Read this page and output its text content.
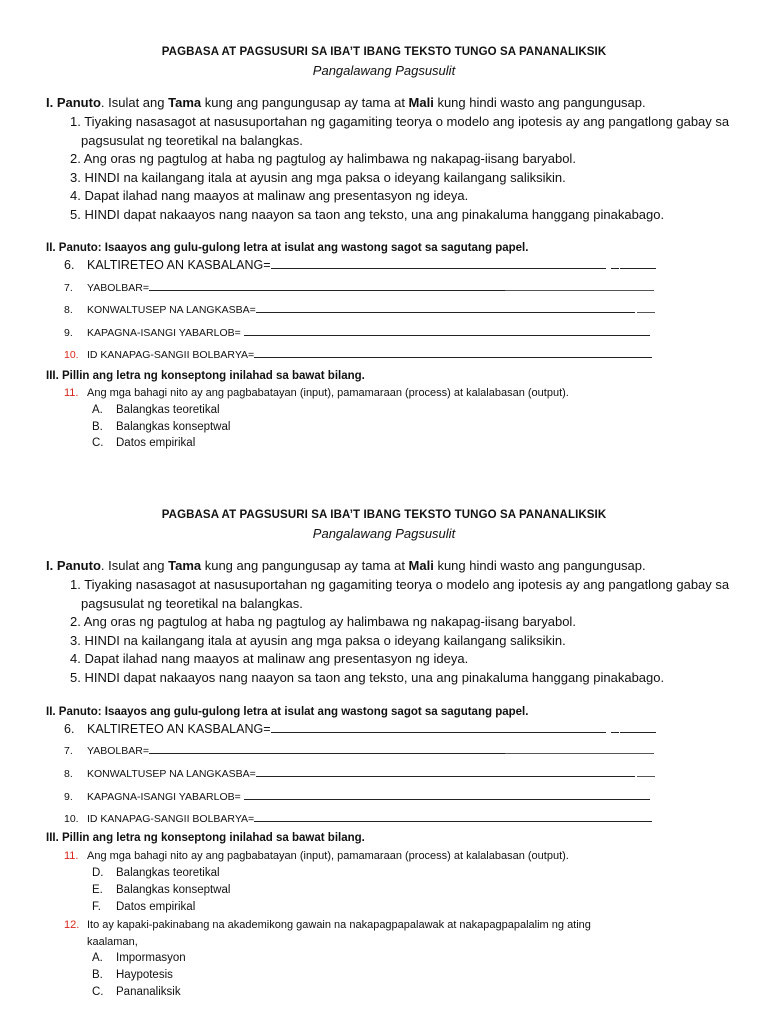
PAGBASA AT PAGSUSURI SA IBA’T IBANG TEKSTO TUNGO SA PANANALIKSIK
Pangalawang Pagsusulit
I. Panuto. Isulat ang Tama kung ang pangungusap ay tama at Mali kung hindi wasto ang pangungusap.
1. Tiyaking nasasagot at nasusuportahan ng gagamiting teorya o modelo ang ipotesis ay ang pangatlong gabay sa
pagsusulat ng teoretikal na balangkas.
2. Ang oras ng pagtulog at haba ng pagtulog ay halimbawa ng nakapag-iisang baryabol.
3. HINDI na kailangang itala at ayusin ang mga paksa o ideyang kailangang saliksikin.
4. Dapat ilahad nang maayos at malinaw ang presentasyon ng ideya.
5. HINDI dapat nakaayos nang naayon sa taon ang teksto, una ang pinakaluma hanggang pinakabago.
II. Panuto: Isaayos ang gulu-gulong letra at isulat ang wastong sagot sa sagutang papel.
6. KALTIRETEO AN KASBALANG=
7. YABOLBAR=
8. KONWALTUSEP NA LANGKASBA=
9. KAPAGNA-ISANGI YABARLOB=
10. ID KANAPAG-SANGII BOLBARYA=
III. Pillin ang letra ng konseptong inilahad sa bawat bilang.
11. Ang mga bahagi nito ay ang pagbabatayan (input), pamamaraan (process) at kalalabasan (output).
A. Balangkas teoretikal
B. Balangkas konseptwal
C. Datos empirikal
PAGBASA AT PAGSUSURI SA IBA’T IBANG TEKSTO TUNGO SA PANANALIKSIK
Pangalawang Pagsusulit
I. Panuto. Isulat ang Tama kung ang pangungusap ay tama at Mali kung hindi wasto ang pangungusap.
1. Tiyaking nasasagot at nasusuportahan ng gagamiting teorya o modelo ang ipotesis ay ang pangatlong gabay sa
pagsusulat ng teoretikal na balangkas.
2. Ang oras ng pagtulog at haba ng pagtulog ay halimbawa ng nakapag-iisang baryabol.
3. HINDI na kailangang itala at ayusin ang mga paksa o ideyang kailangang saliksikin.
4. Dapat ilahad nang maayos at malinaw ang presentasyon ng ideya.
5. HINDI dapat nakaayos nang naayon sa taon ang teksto, una ang pinakaluma hanggang pinakabago.
II. Panuto: Isaayos ang gulu-gulong letra at isulat ang wastong sagot sa sagutang papel.
6. KALTIRETEO AN KASBALANG=
7. YABOLBAR=
8. KONWALTUSEP NA LANGKASBA=
9. KAPAGNA-ISANGI YABARLOB=
10. ID KANAPAG-SANGII BOLBARYA=
III. Pillin ang letra ng konseptong inilahad sa bawat bilang.
11. Ang mga bahagi nito ay ang pagbabatayan (input), pamamaraan (process) at kalalabasan (output).
D. Balangkas teoretikal
E. Balangkas konseptwal
F. Datos empirikal
12. Ito ay kapaki-pakinabang na akademikong gawain na nakapagpapalawak at nakapagpapalalim ng ating
kaalaman,
A. Impormasyon
B. Haypotesis
C. Pananaliksik
